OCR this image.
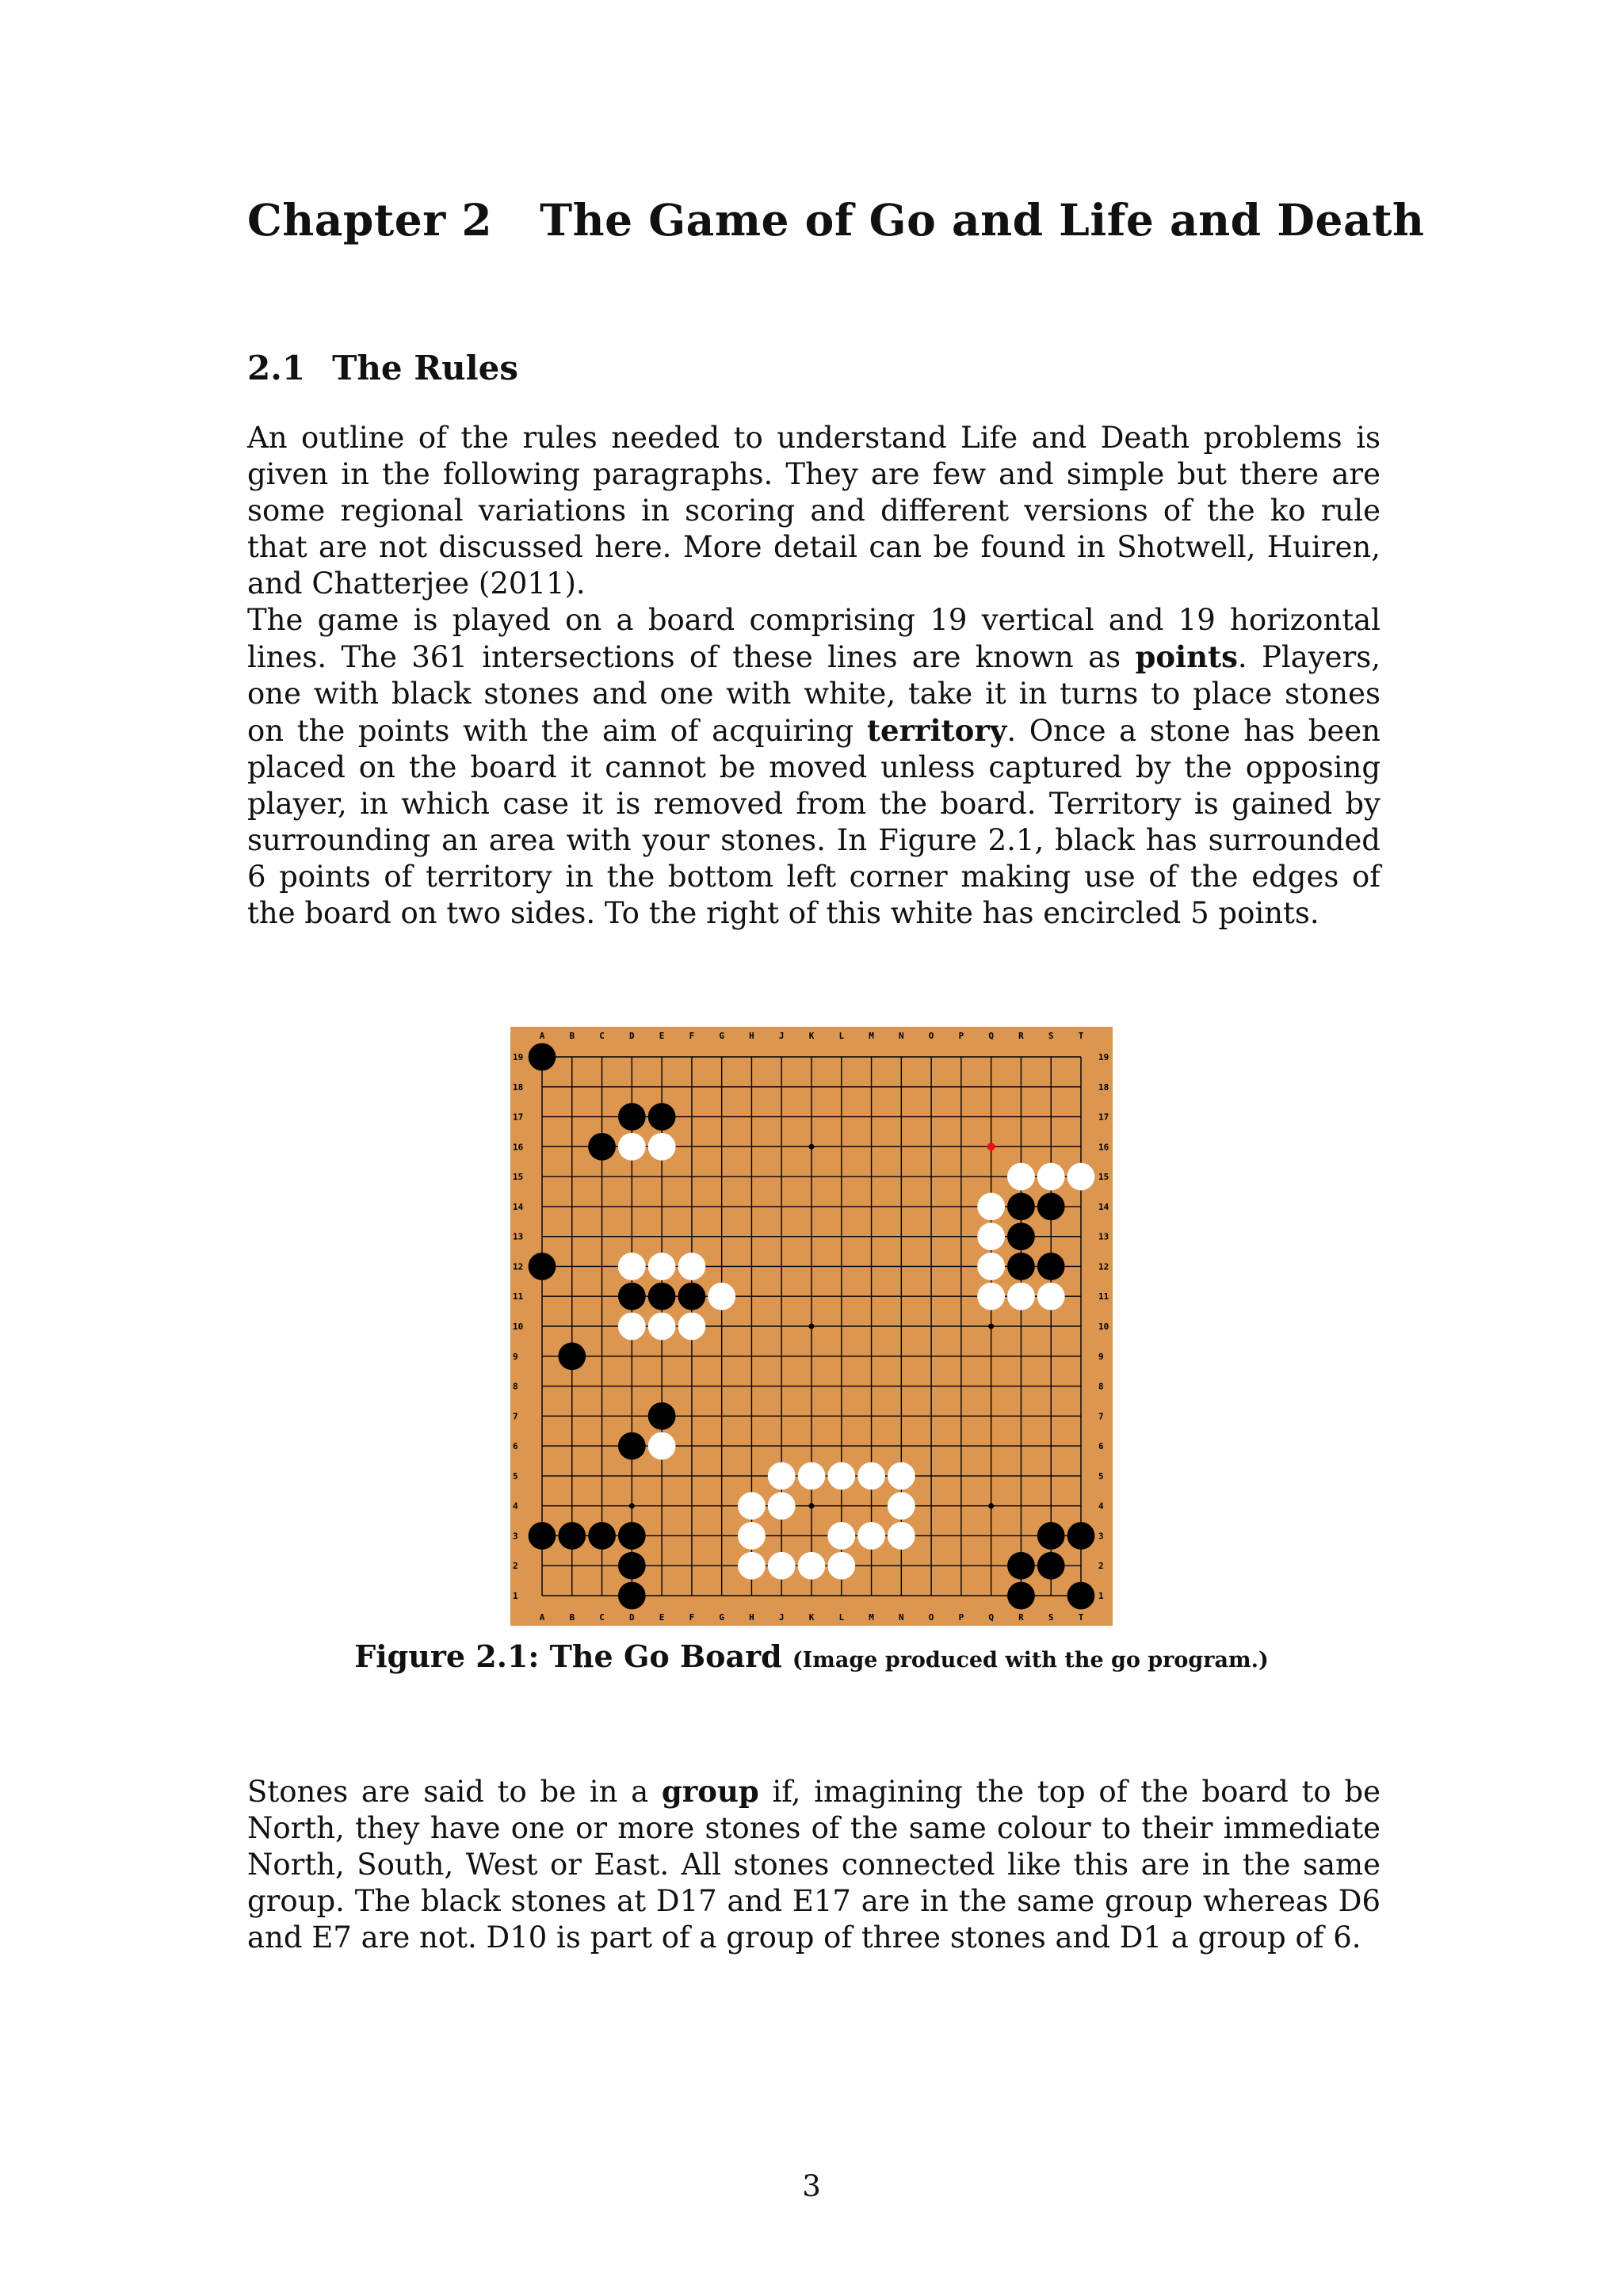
Chapter 2 The Game of Go and Life and Death
2.1 The Rules

An outline of the rules needed to understand Life and Death problems is given in the following paragraphs. They are few and simple but there are some regional variations in scoring and different versions of the ko rule that are not discussed here. More detail can be found in Shotwell, Huiren, and Chatterjee (2011).

The game is played on a board comprising 19 vertical and 19 horizontal lines. The 361 intersections of these lines are known as points. Players, one with black stones and one with white, take it in turns to place stones on the points with the aim of acquiring territory. Once a stone has been placed on the board it cannot be moved unless captured by the opposing player, in which case it is removed from the board. Territory is gained by surrounding an area with your stones. In Figure 2.1, black has surrounded 6 points of territory in the bottom left corner making use of the edges of the board on two sides. To the right of this white has encircled 5 points.

A
A
B
B
C
C
D
D
E
E
F
F
G
G
H
H
J
J
K
K
L
L
M
M
N
N
O
O
P
P
Q
Q
R
R
S
S
T
T
19	19
18	18
17	17
16	16
15	15
14	14
13	13
12	12
11	11
10	10
9	9
8	8
7	7
6	6
5	5
4	4
3	3
2	2
1	1
Figure 2.1: The Go Board (Image produced with the go program.)

Stones are said to be in a group if, imagining the top of the board to be North, they have one or more stones of the same colour to their immediate North, South, West or East. All stones connected like this are in the same group. The black stones at D17 and E17 are in the same group whereas D6 and E7 are not. D10 is part of a group of three stones and D1 a group of 6.

3
